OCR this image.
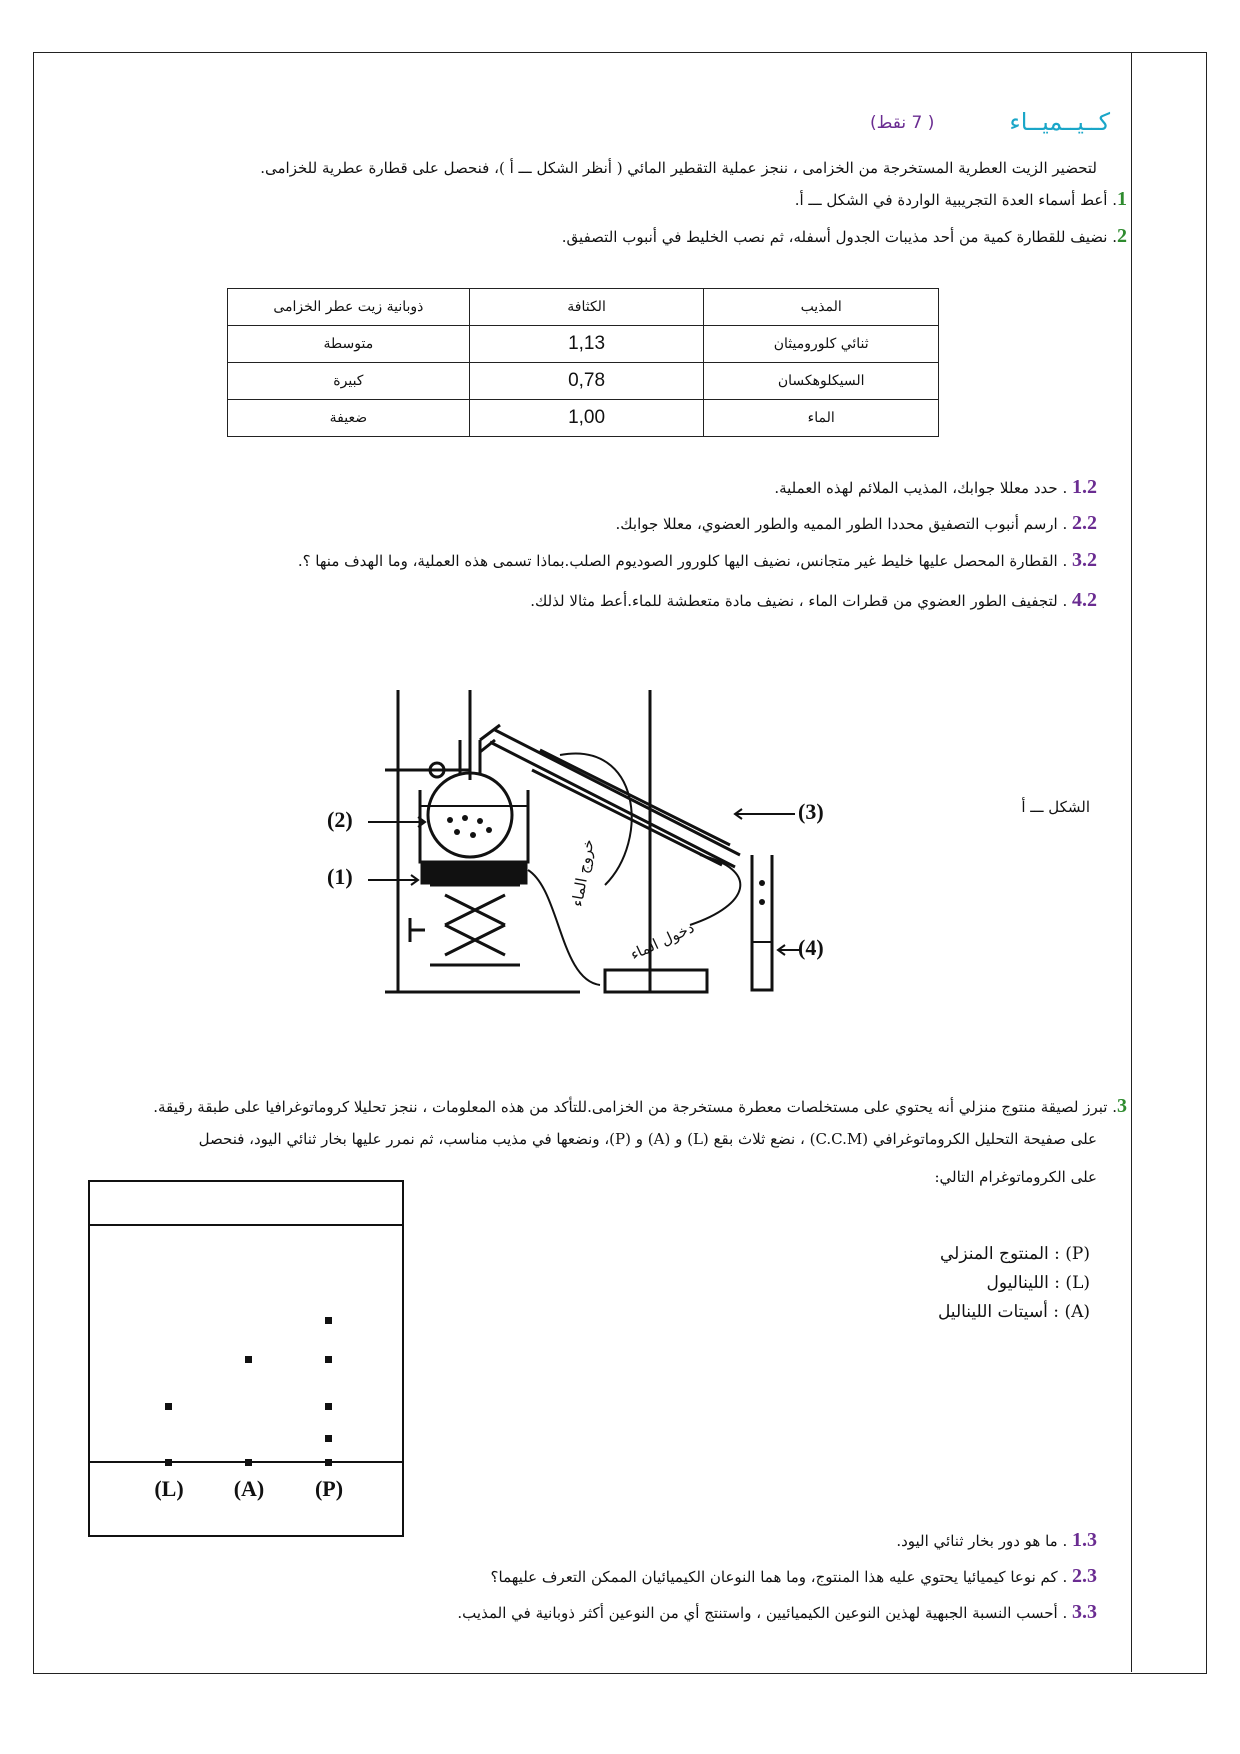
كــيــميــاء
( 7 نقط)
لتحضير الزيت العطرية المستخرجة من الخزامى ، ننجز عملية التقطير المائي ( أنظر الشكل ـــ أ )، فنحصل على قطارة عطرية للخزامى.
1. أعط أسماء العدة التجريبية الواردة في الشكل ـــ أ.
2. نضيف للقطارة كمية من أحد مذيبات الجدول أسفله، ثم نصب الخليط في أنبوب التصفيق.
المذيب	الكثافة	ذوبانية زيت عطر الخزامى
ثنائي كلوروميثان	1,13	متوسطة
السيكلوهكسان	0,78	كبيرة
الماء	1,00	ضعيفة
1.2 . حدد معللا جوابك، المذيب الملائم لهذه العملية.
2.2 . ارسم أنبوب التصفيق محددا الطور المميه والطور العضوي، معللا جوابك.
3.2 . القطارة المحصل عليها خليط غير متجانس، نضيف اليها كلورور الصوديوم الصلب.بماذا تسمى هذه العملية، وما الهدف منها ؟.
4.2 . لتجفيف الطور العضوي من قطرات الماء ، نضيف مادة متعطشة للماء.أعط مثالا لذلك.
الشكل ـــ أ
(2)
(1)
(3)
(4)
خروج الماء
دخول الماء
3. تبرز لصيقة منتوج منزلي أنه يحتوي على مستخلصات معطرة مستخرجة من الخزامى.للتأكد من هذه المعلومات ، ننجز تحليلا كروماتوغرافيا على طبقة رقيقة.
على صفيحة التحليل الكروماتوغرافي (C.C.M) ، نضع ثلاث بقع (L) و (A) و (P)، ونضعها في مذيب مناسب، ثم نمرر عليها بخار ثنائي اليود، فنحصل
على الكروماتوغرام التالي:
(L) (A) (P)
(P) : المنتوج المنزلي
(L) : الليناليول
(A) : أسيتات الليناليل
1.3 . ما هو دور بخار ثنائي اليود.
2.3 . كم نوعا كيميائيا يحتوي عليه هذا المنتوج، وما هما النوعان الكيميائيان الممكن التعرف عليهما؟
3.3 . أحسب النسبة الجبهية لهذين النوعين الكيميائيين ، واستنتج أي من النوعين أكثر ذوبانية في المذيب.
